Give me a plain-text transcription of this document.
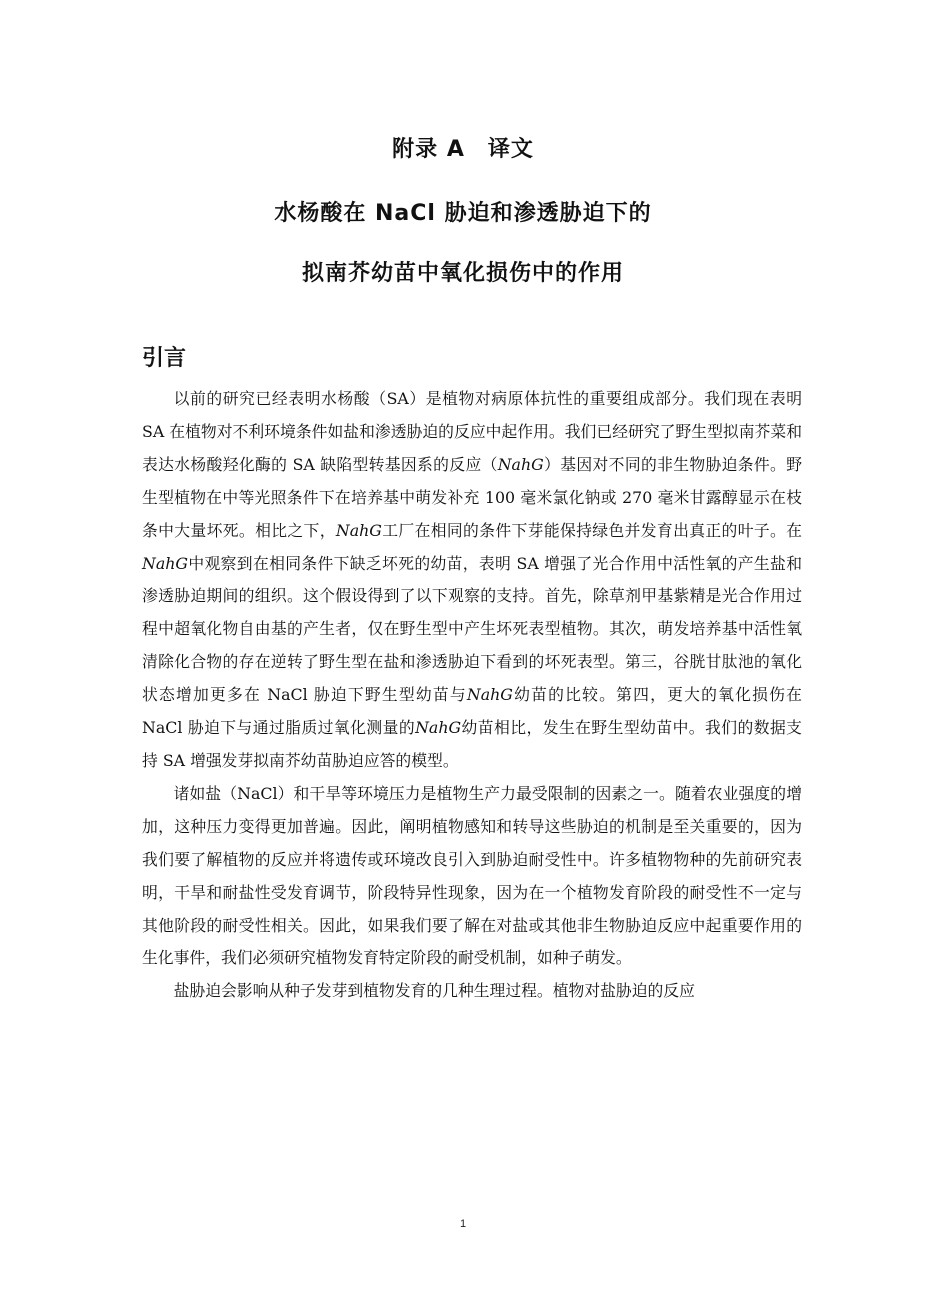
附录 A　译文
水杨酸在 NaCl 胁迫和渗透胁迫下的
拟南芥幼苗中氧化损伤中的作用
引言

以前的研究已经表明水杨酸（SA）是植物对病原体抗性的重要组成部分。我们现在表明 SA 在植物对不利环境条件如盐和渗透胁迫的反应中起作用。我们已经研究了野生型拟南芥菜和表达水杨酸羟化酶的 SA 缺陷型转基因系的反应（NahG）基因对不同的非生物胁迫条件。野生型植物在中等光照条件下在培养基中萌发补充 100 毫米氯化钠或 270 毫米甘露醇显示在枝条中大量坏死。相比之下，NahG工厂在相同的条件下芽能保持绿色并发育出真正的叶子。在NahG中观察到在相同条件下缺乏坏死的幼苗，表明 SA 增强了光合作用中活性氧的产生盐和渗透胁迫期间的组织。这个假设得到了以下观察的支持。首先，除草剂甲基紫精是光合作用过程中超氧化物自由基的产生者，仅在野生型中产生坏死表型植物。其次，萌发培养基中活性氧清除化合物的存在逆转了野生型在盐和渗透胁迫下看到的坏死表型。第三，谷胱甘肽池的氧化状态增加更多在 NaCl 胁迫下野生型幼苗与NahG幼苗的比较。第四，更大的氧化损伤在 NaCl 胁迫下与通过脂质过氧化测量的NahG幼苗相比，发生在野生型幼苗中。我们的数据支持 SA 增强发芽拟南芥幼苗胁迫应答的模型。

诸如盐（NaCl）和干旱等环境压力是植物生产力最受限制的因素之一。随着农业强度的增加，这种压力变得更加普遍。因此，阐明植物感知和转导这些胁迫的机制是至关重要的，因为我们要了解植物的反应并将遗传或环境改良引入到胁迫耐受性中。许多植物物种的先前研究表明，干旱和耐盐性受发育调节，阶段特异性现象，因为在一个植物发育阶段的耐受性不一定与其他阶段的耐受性相关。因此，如果我们要了解在对盐或其他非生物胁迫反应中起重要作用的生化事件，我们必须研究植物发育特定阶段的耐受机制，如种子萌发。

盐胁迫会影响从种子发芽到植物发育的几种生理过程。植物对盐胁迫的反应

1
